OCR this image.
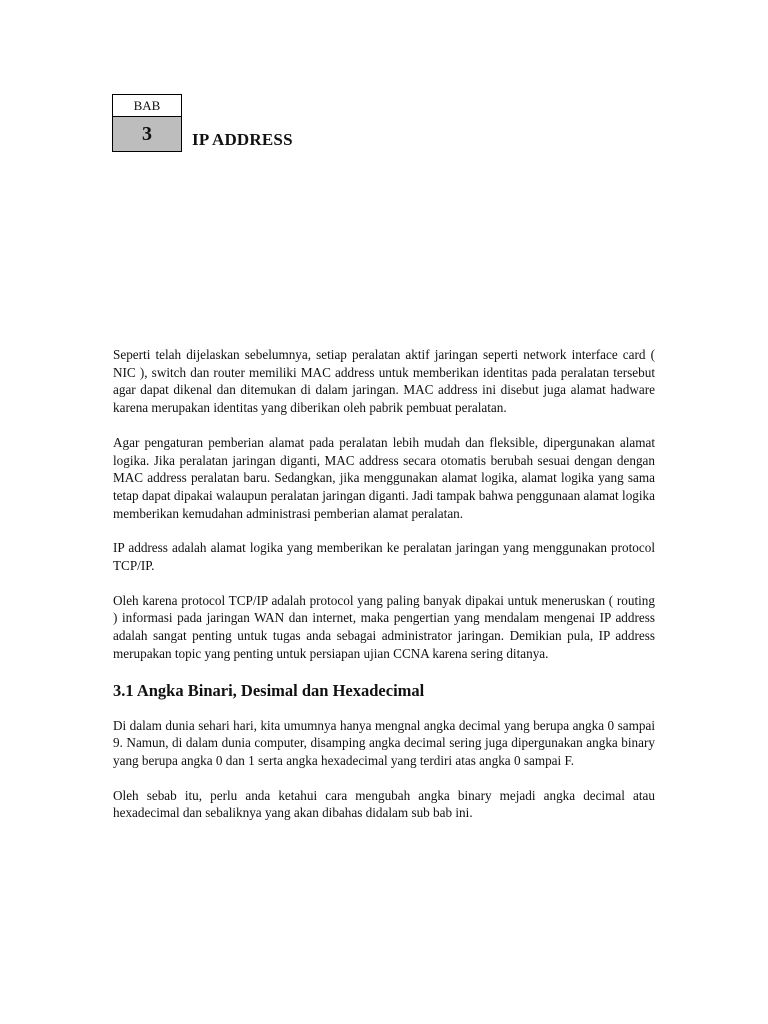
BAB
3	IP ADDRESS

Seperti telah dijelaskan sebelumnya, setiap peralatan aktif jaringan seperti network interface card ( NIC ), switch dan router memiliki MAC address untuk memberikan identitas pada peralatan tersebut agar dapat dikenal dan ditemukan di dalam jaringan. MAC address ini disebut juga alamat hadware karena merupakan identitas yang diberikan oleh pabrik pembuat peralatan.

Agar pengaturan pemberian alamat pada peralatan lebih mudah dan fleksible, dipergunakan alamat logika. Jika peralatan jaringan diganti, MAC address secara otomatis berubah sesuai dengan dengan MAC address peralatan baru. Sedangkan, jika menggunakan alamat logika, alamat logika yang sama tetap dapat dipakai walaupun peralatan jaringan diganti. Jadi tampak bahwa penggunaan alamat logika memberikan kemudahan administrasi pemberian alamat peralatan.

IP address adalah alamat logika yang memberikan ke peralatan jaringan yang menggunakan protocol TCP/IP.

Oleh karena protocol TCP/IP adalah protocol yang paling banyak dipakai untuk meneruskan ( routing ) informasi pada jaringan WAN dan internet, maka pengertian yang mendalam mengenai IP address adalah sangat penting untuk tugas anda sebagai administrator jaringan. Demikian pula, IP address merupakan topic yang penting untuk persiapan ujian CCNA karena sering ditanya.

3.1 Angka Binari, Desimal dan Hexadecimal

Di dalam dunia sehari hari, kita umumnya hanya mengnal angka decimal yang berupa angka 0 sampai 9. Namun, di dalam dunia computer, disamping angka decimal sering juga dipergunakan angka binary yang berupa angka 0 dan 1 serta angka hexadecimal yang terdiri atas angka 0 sampai F.

Oleh sebab itu, perlu anda ketahui cara mengubah angka binary mejadi angka decimal atau hexadecimal dan sebaliknya yang akan dibahas didalam sub bab ini.
